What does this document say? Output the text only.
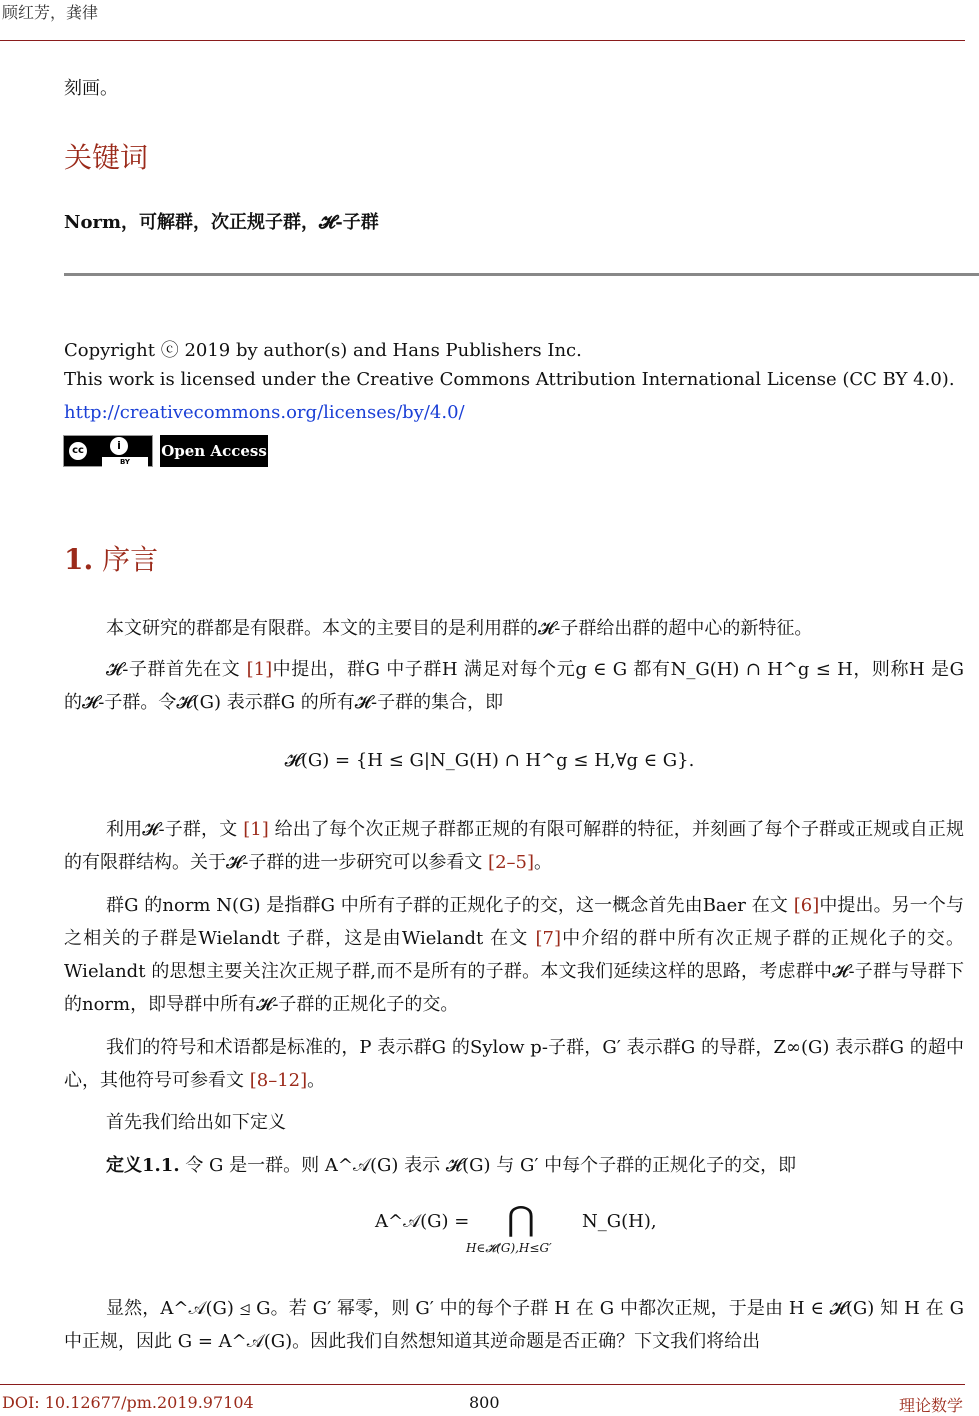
顾红芳，龚律
刻画。
关键词
Norm，可解群，次正规子群，𝓗-子群
Copyright ⓒ 2019 by author(s) and Hans Publishers Inc.
This work is licensed under the Creative Commons Attribution International License (CC BY 4.0).
http://creativecommons.org/licenses/by/4.0/
cc	i
BY
Open Access
1. 序言
本文研究的群都是有限群。本文的主要目的是利用群的𝓗-子群给出群的超中心的新特征。
𝓗-子群首先在文 [1]中提出，群G 中子群H 满足对每个元g ∈ G 都有N_G(H) ∩ H^g ≤ H，则称H 是G 的𝓗-子群。令𝓗(G) 表示群G 的所有𝓗-子群的集合，即
𝓗(G) = {H ≤ G|N_G(H) ∩ H^g ≤ H,∀g ∈ G}.
利用𝓗-子群，文 [1] 给出了每个次正规子群都正规的有限可解群的特征，并刻画了每个子群或正规或自正规的有限群结构。关于𝓗-子群的进一步研究可以参看文 [2–5]。
群G 的norm N(G) 是指群G 中所有子群的正规化子的交，这一概念首先由Baer 在文 [6]中提出。另一个与之相关的子群是Wielandt 子群，这是由Wielandt 在文 [7]中介绍的群中所有次正规子群的正规化子的交。Wielandt 的思想主要关注次正规子群,而不是所有的子群。本文我们延续这样的思路，考虑群中𝓗-子群与导群下的norm，即导群中所有𝓗-子群的正规化子的交。
我们的符号和术语都是标准的，P 表示群G 的Sylow p-子群，G′ 表示群G 的导群，Z∞(G) 表示群G 的超中心，其他符号可参看文 [8–12]。
首先我们给出如下定义
定义1.1. 令 G 是一群。则 A^𝒜(G) 表示 𝓗(G) 与 G′ 中每个子群的正规化子的交，即
A^𝒜(G) = ⋂	N_G(H),
H∈𝓗(G),H≤G′
显然，A^𝒜(G) ⊴ G。若 G′ 幂零，则 G′ 中的每个子群 H 在 G 中都次正规，于是由 H ∈ 𝓗(G) 知 H 在 G 中正规，因此 G = A^𝒜(G)。因此我们自然想知道其逆命题是否正确？下文我们将给出
DOI: 10.12677/pm.2019.97104	800	理论数学
